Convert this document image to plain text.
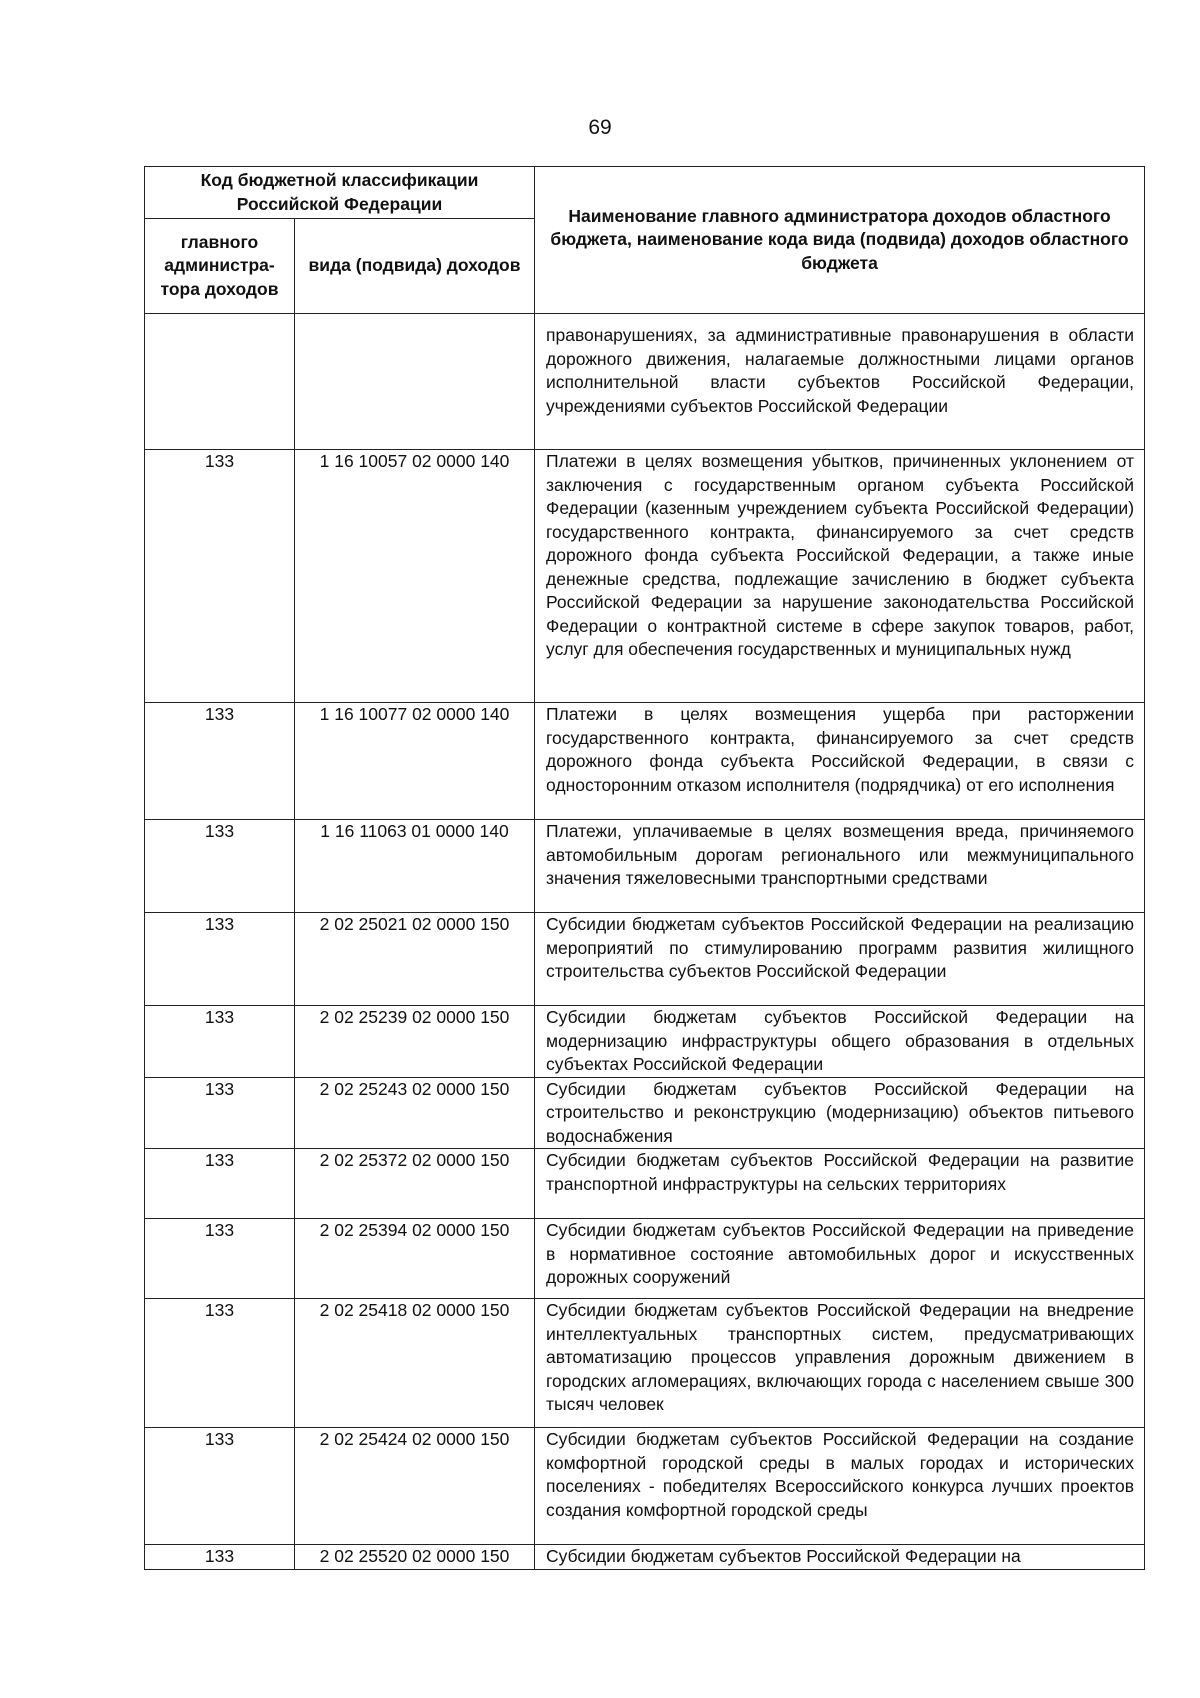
69
Код бюджетной классификации Российской Федерации		Наименование главного администратора доходов областного бюджета, наименование кода вида (подвида) доходов областного бюджета
главного администра- тора доходов	вида (подвида) доходов	
		правонарушениях, за административные правонарушения в области дорожного движения, налагаемые должностными лицами органов исполнительной власти субъектов Российской Федерации, учреждениями субъектов Российской Федерации
133	1 16 10057 02 0000 140	Платежи в целях возмещения убытков, причиненных уклонением от заключения с государственным органом субъекта Российской Федерации (казенным учреждением субъекта Российской Федерации) государственного контракта, финансируемого за счет средств дорожного фонда субъекта Российской Федерации, а также иные денежные средства, подлежащие зачислению в бюджет субъекта Российской Федерации за нарушение законодательства Российской Федерации о контрактной системе в сфере закупок товаров, работ, услуг для обеспечения государственных и муниципальных нужд
133	1 16 10077 02 0000 140	Платежи в целях возмещения ущерба при расторжении государственного контракта, финансируемого за счет средств дорожного фонда субъекта Российской Федерации, в связи с односторонним отказом исполнителя (подрядчика) от его исполнения
133	1 16 11063 01 0000 140	Платежи, уплачиваемые в целях возмещения вреда, причиняемого автомобильным дорогам регионального или межмуниципального значения тяжеловесными транспортными средствами
133	2 02 25021 02 0000 150	Субсидии бюджетам субъектов Российской Федерации на реализацию мероприятий по стимулированию программ развития жилищного строительства субъектов Российской Федерации
133	2 02 25239 02 0000 150	Субсидии бюджетам субъектов Российской Федерации на модернизацию инфраструктуры общего образования в отдельных субъектах Российской Федерации
133	2 02 25243 02 0000 150	Субсидии бюджетам субъектов Российской Федерации на строительство и реконструкцию (модернизацию) объектов питьевого водоснабжения
133	2 02 25372 02 0000 150	Субсидии бюджетам субъектов Российской Федерации на развитие транспортной инфраструктуры на сельских территориях
133	2 02 25394 02 0000 150	Субсидии бюджетам субъектов Российской Федерации на приведение в нормативное состояние автомобильных дорог и искусственных дорожных сооружений
133	2 02 25418 02 0000 150	Субсидии бюджетам субъектов Российской Федерации на внедрение интеллектуальных транспортных систем, предусматривающих автоматизацию процессов управления дорожным движением в городских агломерациях, включающих города с населением свыше 300 тысяч человек
133	2 02 25424 02 0000 150	Субсидии бюджетам субъектов Российской Федерации на создание комфортной городской среды в малых городах и исторических поселениях - победителях Всероссийского конкурса лучших проектов создания комфортной городской среды
133	2 02 25520 02 0000 150	Субсидии бюджетам субъектов Российской Федерации на
